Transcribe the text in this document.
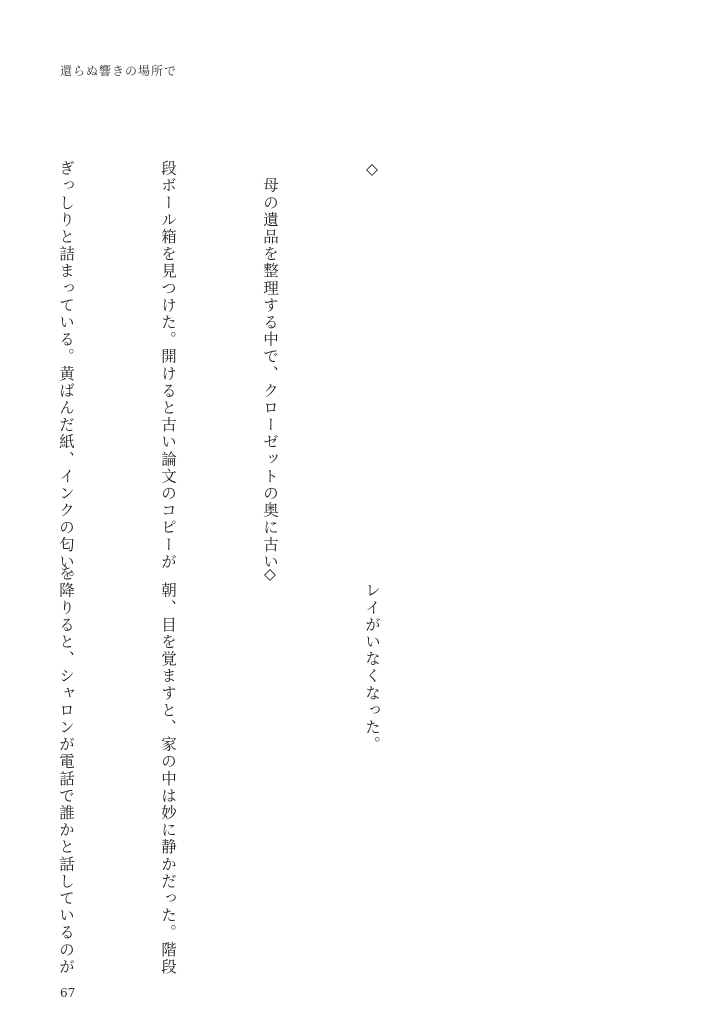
還らぬ響きの場所で

◇

　母の遺品を整理する中で、クローゼットの奥に古い

段ボール箱を見つけた。開けると古い論文のコピーが

ぎっしりと詰まっている。黄ばんだ紙、インクの匂い。

　レイがいなくなった。

◇

　朝、目を覚ますと、家の中は妙に静かだった。階段

を降りると、シャロンが電話で誰かと話しているのが

67
